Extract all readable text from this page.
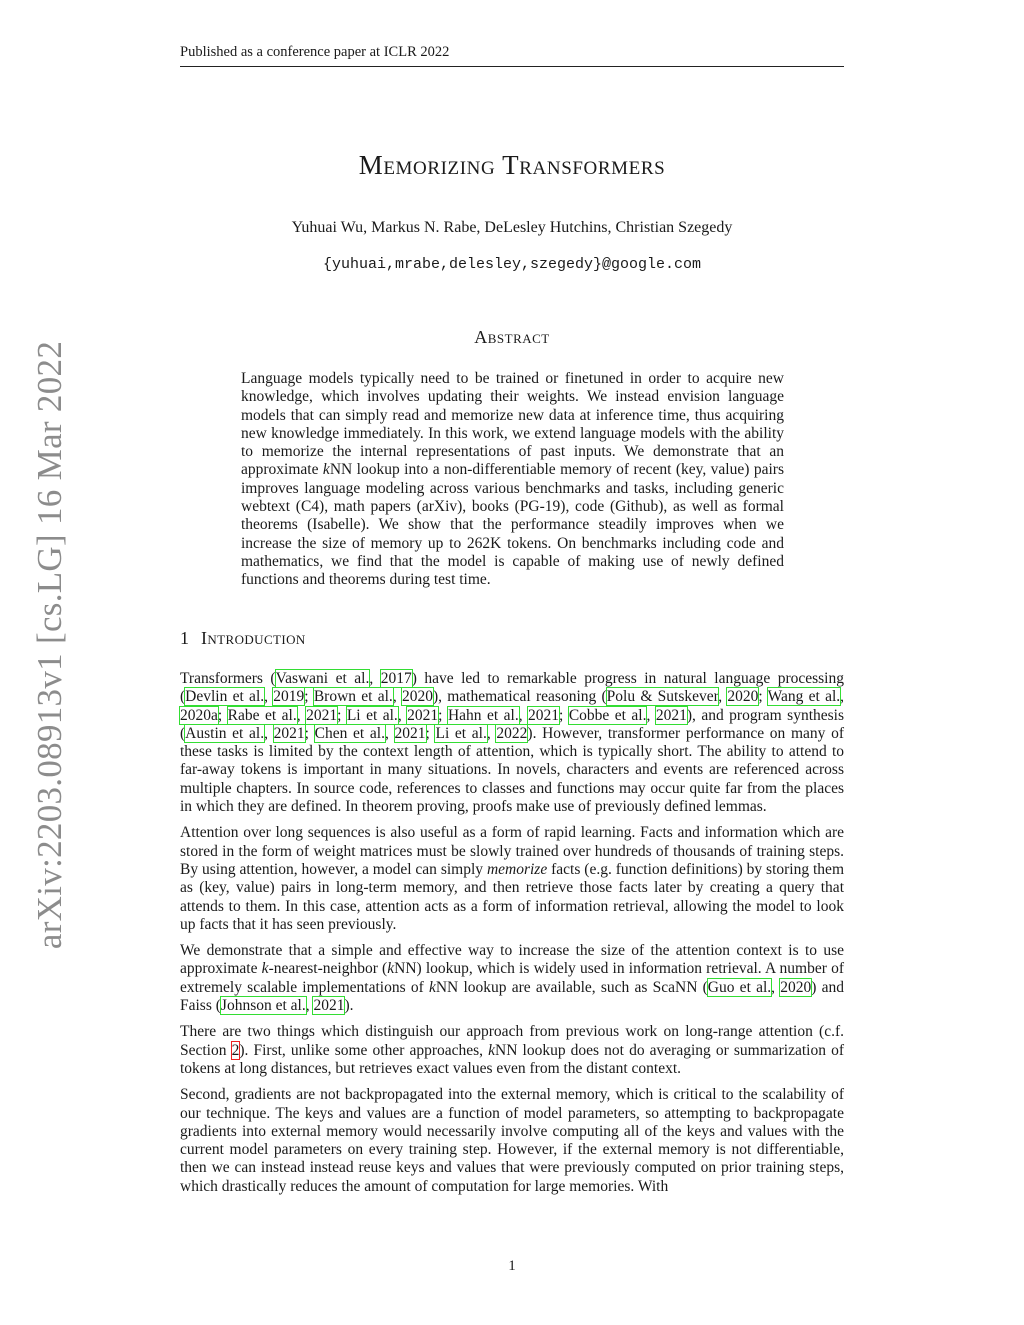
Published as a conference paper at ICLR 2022
arXiv:2203.08913v1 [cs.LG] 16 Mar 2022
Memorizing Transformers
Yuhuai Wu, Markus N. Rabe, DeLesley Hutchins, Christian Szegedy
{yuhuai,mrabe,delesley,szegedy}@google.com
Abstract

Language models typically need to be trained or finetuned in order to acquire new knowledge, which involves updating their weights. We instead envision language models that can simply read and memorize new data at inference time, thus acquiring new knowledge immediately. In this work, we extend language models with the ability to memorize the internal representations of past inputs. We demonstrate that an approximate kNN lookup into a non-differentiable memory of recent (key, value) pairs improves language modeling across various benchmarks and tasks, including generic webtext (C4), math papers (arXiv), books (PG-19), code (Github), as well as formal theorems (Isabelle). We show that the performance steadily improves when we increase the size of memory up to 262K tokens. On benchmarks including code and mathematics, we find that the model is capable of making use of newly defined functions and theorems during test time.

1 Introduction

Transformers (Vaswani et al., 2017) have led to remarkable progress in natural language processing (Devlin et al., 2019; Brown et al., 2020), mathematical reasoning (Polu & Sutskever, 2020; Wang et al., 2020a; Rabe et al., 2021; Li et al., 2021; Hahn et al., 2021; Cobbe et al., 2021), and program synthesis (Austin et al., 2021; Chen et al., 2021; Li et al., 2022). However, transformer performance on many of these tasks is limited by the context length of attention, which is typically short. The ability to attend to far-away tokens is important in many situations. In novels, characters and events are referenced across multiple chapters. In source code, references to classes and functions may occur quite far from the places in which they are defined. In theorem proving, proofs make use of previously defined lemmas.

Attention over long sequences is also useful as a form of rapid learning. Facts and information which are stored in the form of weight matrices must be slowly trained over hundreds of thousands of training steps. By using attention, however, a model can simply memorize facts (e.g. function definitions) by storing them as (key, value) pairs in long-term memory, and then retrieve those facts later by creating a query that attends to them. In this case, attention acts as a form of information retrieval, allowing the model to look up facts that it has seen previously.

We demonstrate that a simple and effective way to increase the size of the attention context is to use approximate k-nearest-neighbor (kNN) lookup, which is widely used in information retrieval. A number of extremely scalable implementations of kNN lookup are available, such as ScaNN (Guo et al., 2020) and Faiss (Johnson et al., 2021).

There are two things which distinguish our approach from previous work on long-range attention (c.f. Section 2). First, unlike some other approaches, kNN lookup does not do averaging or summarization of tokens at long distances, but retrieves exact values even from the distant context.

Second, gradients are not backpropagated into the external memory, which is critical to the scalability of our technique. The keys and values are a function of model parameters, so attempting to backpropagate gradients into external memory would necessarily involve computing all of the keys and values with the current model parameters on every training step. However, if the external memory is not differentiable, then we can instead instead reuse keys and values that were previously computed on prior training steps, which drastically reduces the amount of computation for large memories. With

1
